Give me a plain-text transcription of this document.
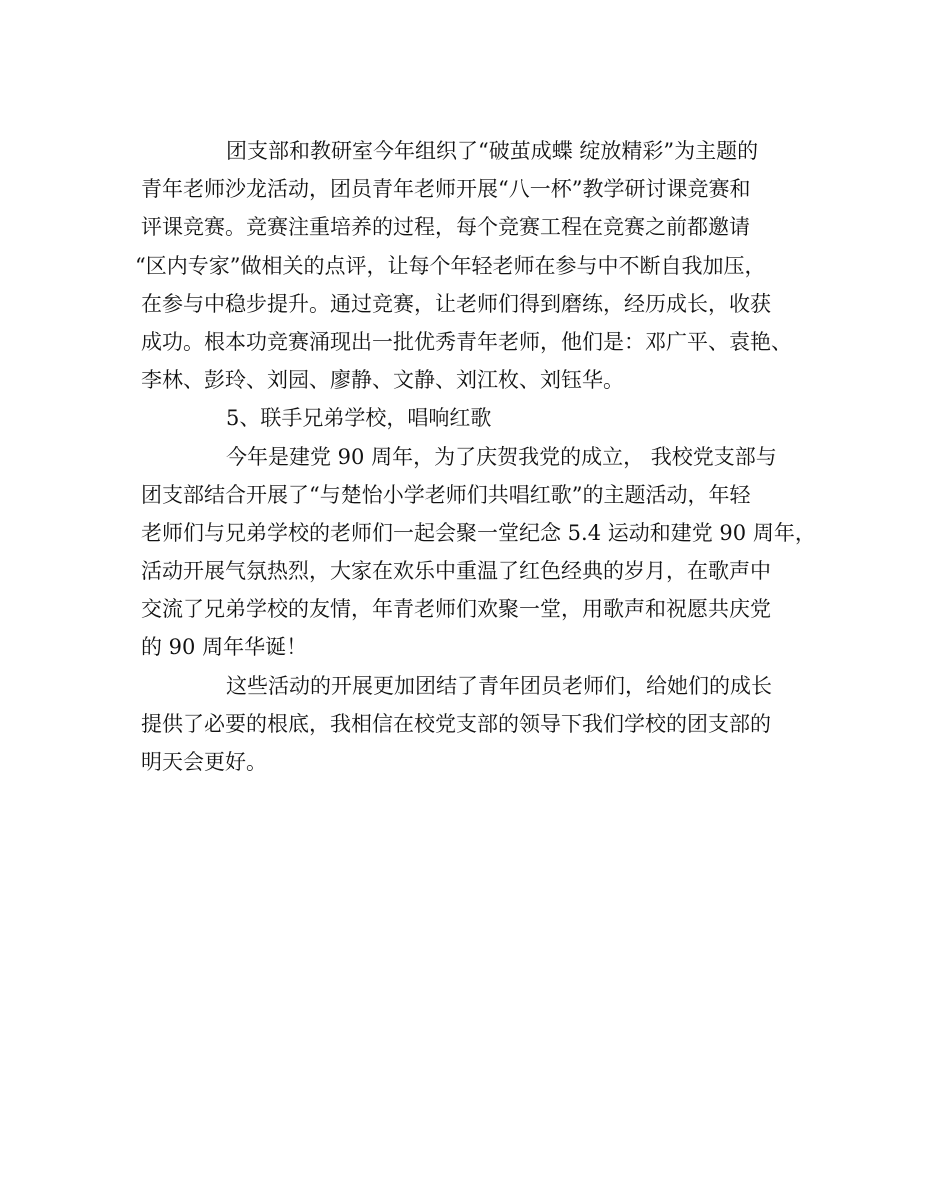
团支部和教研室今年组织了“破茧成蝶 绽放精彩”为主题的
青年老师沙龙活动，团员青年老师开展“八一杯”教学研讨课竞赛和
评课竞赛。竞赛注重培养的过程，每个竞赛工程在竞赛之前都邀请
“区内专家”做相关的点评，让每个年轻老师在参与中不断自我加压，
在参与中稳步提升。通过竞赛，让老师们得到磨练，经历成长，收获
成功。根本功竞赛涌现出一批优秀青年老师，他们是：邓广平、袁艳、
李林、彭玲、刘园、廖静、文静、刘江枚、刘钰华。
5、联手兄弟学校，唱响红歌
今年是建党 90 周年，为了庆贺我党的成立， 我校党支部与
团支部结合开展了“与楚怡小学老师们共唱红歌”的主题活动，年轻
老师们与兄弟学校的老师们一起会聚一堂纪念 5.4 运动和建党 90 周年，
活动开展气氛热烈，大家在欢乐中重温了红色经典的岁月，在歌声中
交流了兄弟学校的友情，年青老师们欢聚一堂，用歌声和祝愿共庆党
的 90 周年华诞！
这些活动的开展更加团结了青年团员老师们，给她们的成长
提供了必要的根底，我相信在校党支部的领导下我们学校的团支部的
明天会更好。
